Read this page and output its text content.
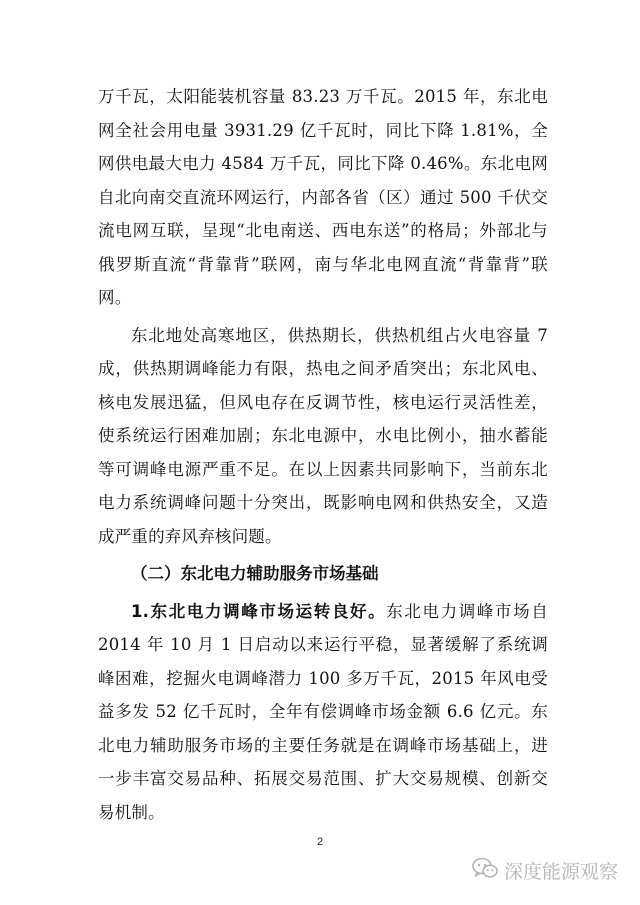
万千瓦，太阳能装机容量 83.23 万千瓦。2015 年，东北电网全社会用电量 3931.29 亿千瓦时，同比下降 1.81%，全网供电最大电力 4584 万千瓦，同比下降 0.46%。东北电网自北向南交直流环网运行，内部各省（区）通过 500 千伏交流电网互联，呈现“北电南送、西电东送”的格局；外部北与俄罗斯直流“背靠背”联网，南与华北电网直流“背靠背”联网。

东北地处高寒地区，供热期长，供热机组占火电容量 7 成，供热期调峰能力有限，热电之间矛盾突出；东北风电、核电发展迅猛，但风电存在反调节性，核电运行灵活性差，使系统运行困难加剧；东北电源中，水电比例小，抽水蓄能等可调峰电源严重不足。在以上因素共同影响下，当前东北电力系统调峰问题十分突出，既影响电网和供热安全，又造成严重的弃风弃核问题。

（二）东北电力辅助服务市场基础

1.东北电力调峰市场运转良好。东北电力调峰市场自 2014 年 10 月 1 日启动以来运行平稳，显著缓解了系统调峰困难，挖掘火电调峰潜力 100 多万千瓦，2015 年风电受益多发 52 亿千瓦时，全年有偿调峰市场金额 6.6 亿元。东北电力辅助服务市场的主要任务就是在调峰市场基础上，进一步丰富交易品种、拓展交易范围、扩大交易规模、创新交易机制。

2
深度能源观察
